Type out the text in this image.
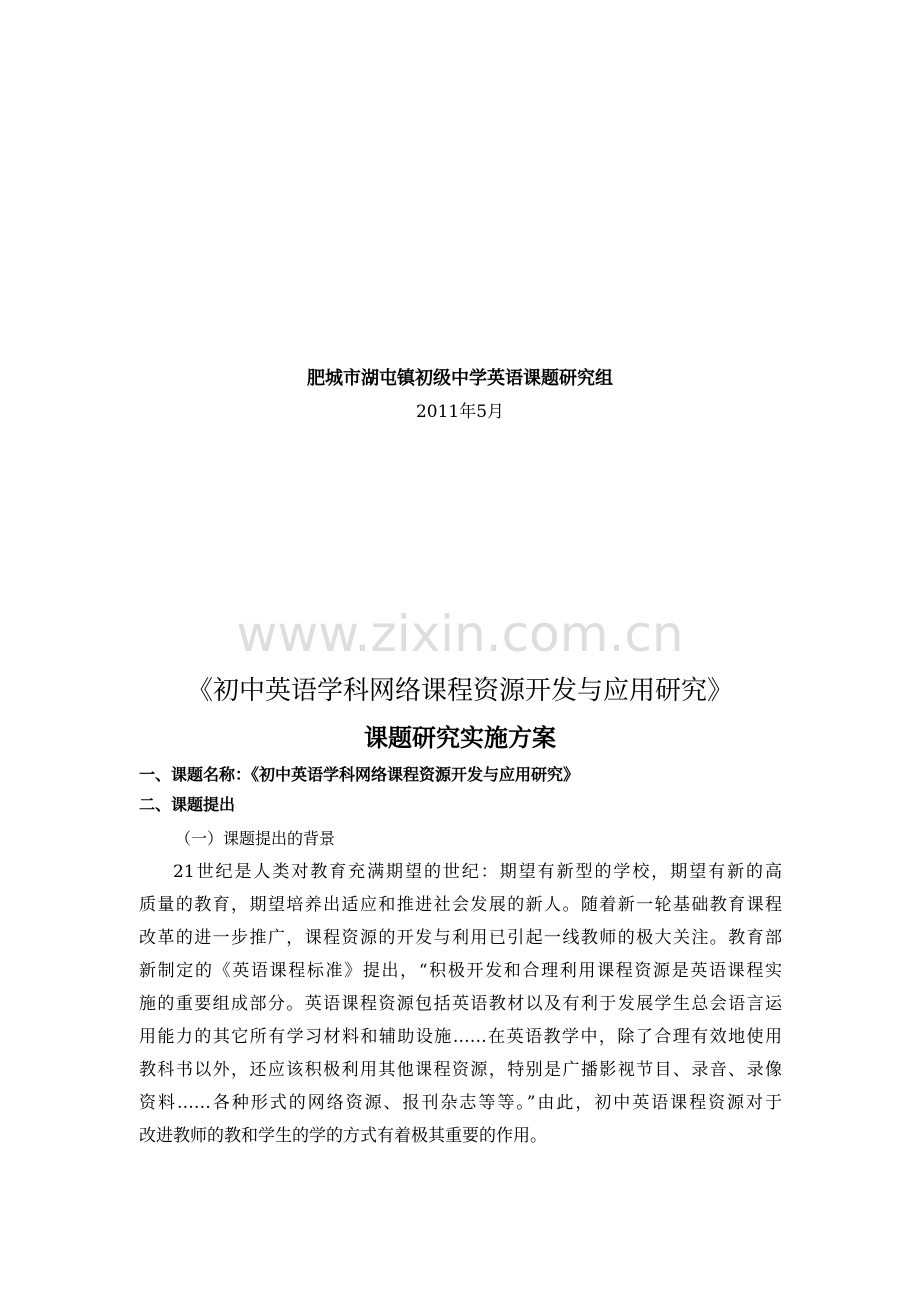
肥城市湖屯镇初级中学英语课题研究组
2011年5月
www.zixin.com.cn
《初中英语学科网络课程资源开发与应用研究》
课题研究实施方案
一、课题名称：《初中英语学科网络课程资源开发与应用研究》
二、课题提出
（一）课题提出的背景
21世纪是人类对教育充满期望的世纪：期望有新型的学校，期望有新的高
质量的教育，期望培养出适应和推进社会发展的新人。随着新一轮基础教育课程
改革的进一步推广，课程资源的开发与利用已引起一线教师的极大关注。教育部
新制定的《英语课程标准》提出，“积极开发和合理利用课程资源是英语课程实
施的重要组成部分。英语课程资源包括英语教材以及有利于发展学生总会语言运
用能力的其它所有学习材料和辅助设施……在英语教学中，除了合理有效地使用
教科书以外，还应该积极利用其他课程资源，特别是广播影视节目、录音、录像
资料……各种形式的网络资源、报刊杂志等等。”由此，初中英语课程资源对于
改进教师的教和学生的学的方式有着极其重要的作用。
